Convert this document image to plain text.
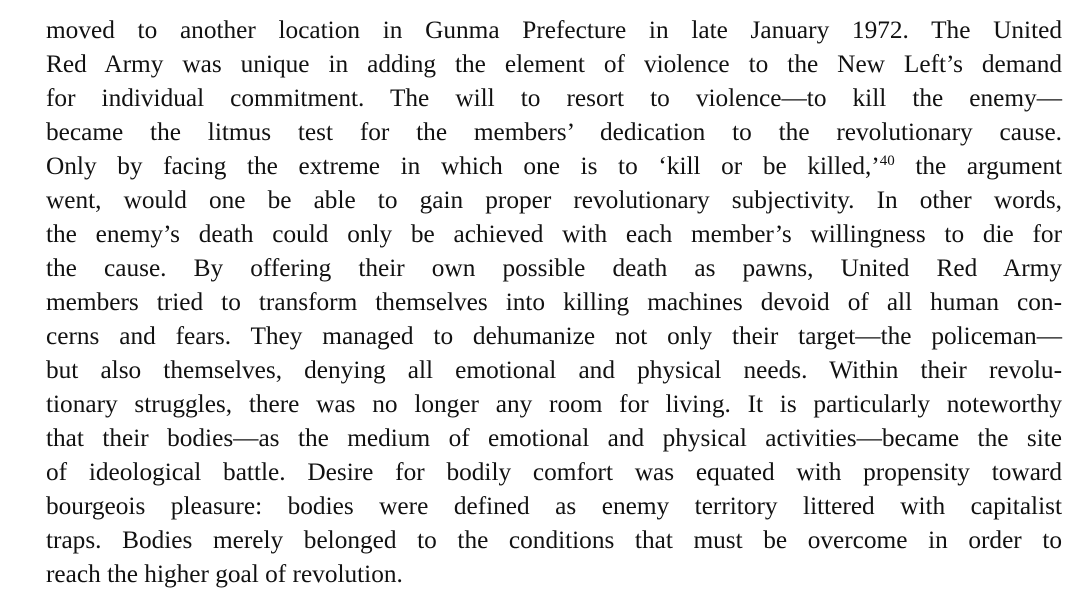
moved to another location in Gunma Prefecture in late January 1972. The United
Red Army was unique in adding the element of violence to the New Left’s demand
for individual commitment. The will to resort to violence—to kill the enemy—
became the litmus test for the members’ dedication to the revolutionary cause.
Only by facing the extreme in which one is to ‘kill or be killed,’$^{40}$ the argument
went, would one be able to gain proper revolutionary subjectivity. In other words,
the enemy’s death could only be achieved with each member’s willingness to die for
the cause. By offering their own possible death as pawns, United Red Army
members tried to transform themselves into killing machines devoid of all human con-
cerns and fears. They managed to dehumanize not only their target—the policeman—
but also themselves, denying all emotional and physical needs. Within their revolu-
tionary struggles, there was no longer any room for living. It is particularly noteworthy
that their bodies—as the medium of emotional and physical activities—became the site
of ideological battle. Desire for bodily comfort was equated with propensity toward
bourgeois pleasure: bodies were defined as enemy territory littered with capitalist
traps. Bodies merely belonged to the conditions that must be overcome in order to
reach the higher goal of revolution.
